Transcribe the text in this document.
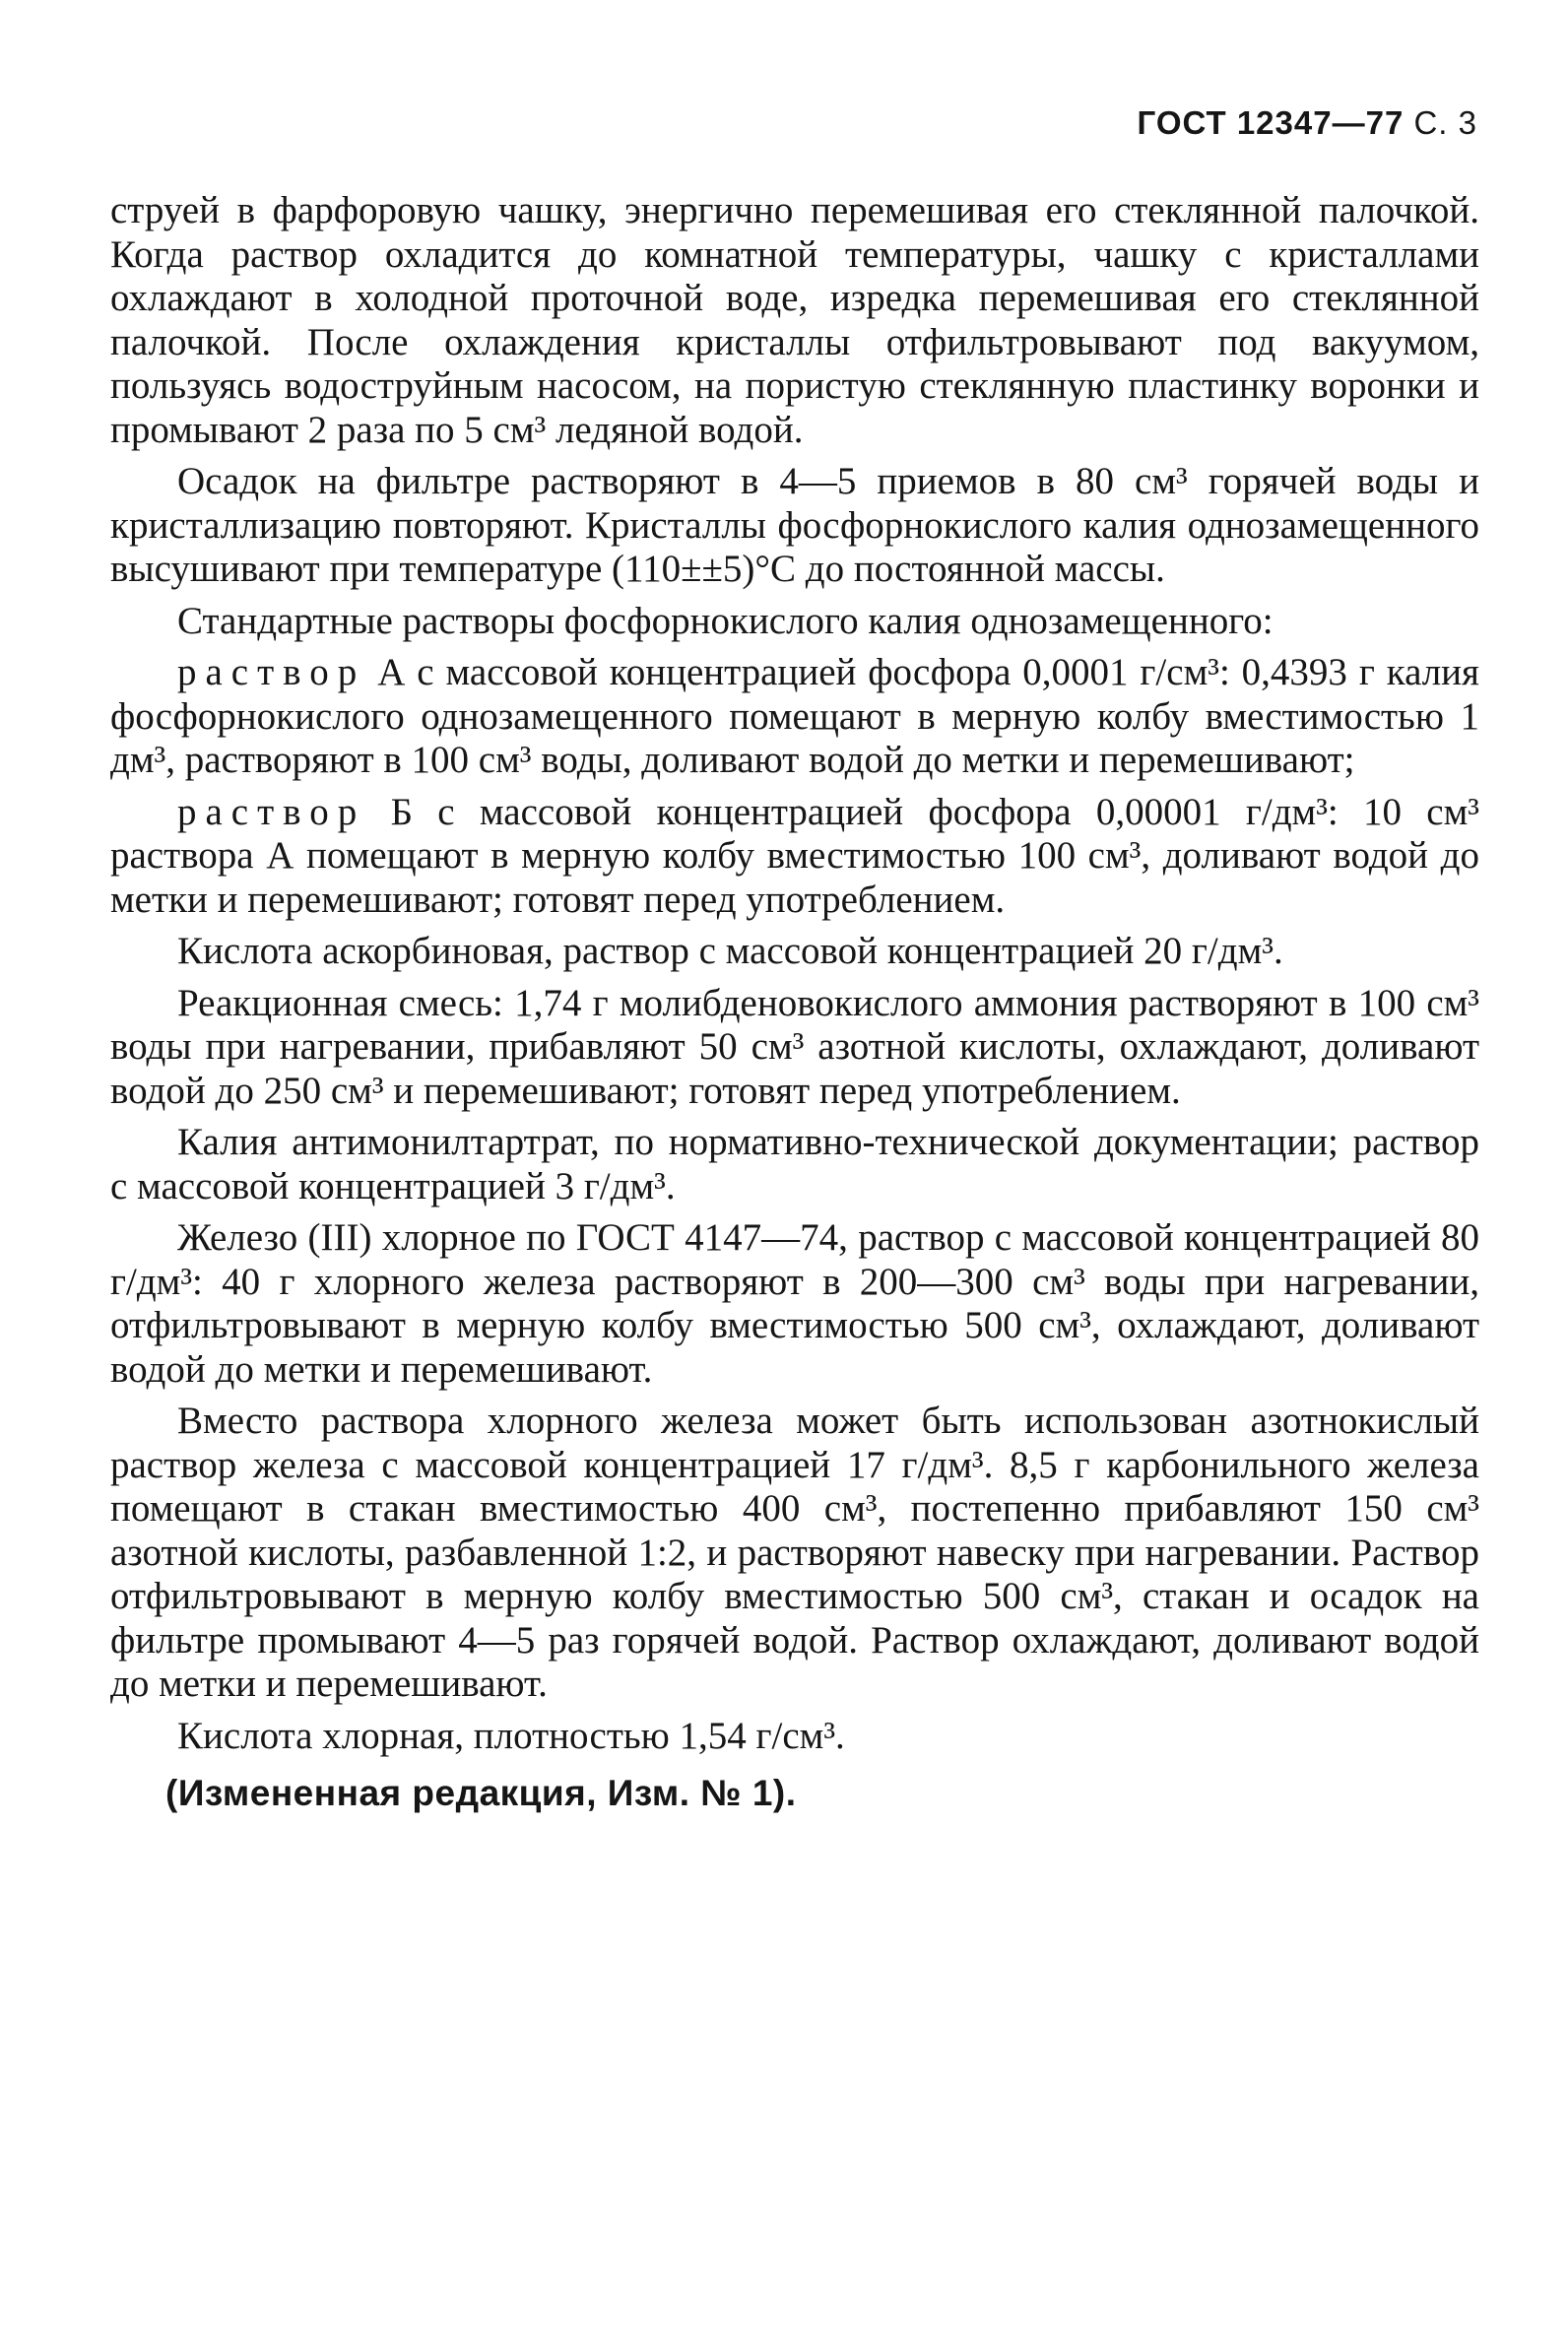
ГОСТ 12347—77 С. 3

струей в фарфоровую чашку, энергично перемешивая его стеклянной палочкой. Когда раствор охладится до комнатной температуры, чашку с кристаллами охлаждают в холодной проточной воде, изредка перемешивая его стеклянной палочкой. После охлаждения кристаллы отфильтровывают под вакуумом, пользуясь водоструйным насосом, на пористую стеклянную пластинку воронки и промывают 2 раза по 5 см³ ледяной водой.

Осадок на фильтре растворяют в 4—5 приемов в 80 см³ горячей воды и кристаллизацию повторяют. Кристаллы фосфорнокислого калия однозамещенного высушивают при температуре (110±±5)°С до постоянной массы.

Стандартные растворы фосфорнокислого калия однозамещенного:

раствор А с массовой концентрацией фосфора 0,0001 г/см³: 0,4393 г калия фосфорнокислого однозамещенного помещают в мерную колбу вместимостью 1 дм³, растворяют в 100 см³ воды, доливают водой до метки и перемешивают;

раствор Б с массовой концентрацией фосфора 0,00001 г/дм³: 10 см³ раствора А помещают в мерную колбу вместимостью 100 см³, доливают водой до метки и перемешивают; готовят перед употреблением.

Кислота аскорбиновая, раствор с массовой концентрацией 20 г/дм³.

Реакционная смесь: 1,74 г молибденовокислого аммония растворяют в 100 см³ воды при нагревании, прибавляют 50 см³ азотной кислоты, охлаждают, доливают водой до 250 см³ и перемешивают; готовят перед употреблением.

Калия антимонилтартрат, по нормативно-технической документации; раствор с массовой концентрацией 3 г/дм³.

Железо (III) хлорное по ГОСТ 4147—74, раствор с массовой концентрацией 80 г/дм³: 40 г хлорного железа растворяют в 200—300 см³ воды при нагревании, отфильтровывают в мерную колбу вместимостью 500 см³, охлаждают, доливают водой до метки и перемешивают.

Вместо раствора хлорного железа может быть использован азотнокислый раствор железа с массовой концентрацией 17 г/дм³. 8,5 г карбонильного железа помещают в стакан вместимостью 400 см³, постепенно прибавляют 150 см³ азотной кислоты, разбавленной 1:2, и растворяют навеску при нагревании. Раствор отфильтровывают в мерную колбу вместимостью 500 см³, стакан и осадок на фильтре промывают 4—5 раз горячей водой. Раствор охлаждают, доливают водой до метки и перемешивают.

Кислота хлорная, плотностью 1,54 г/см³.

(Измененная редакция, Изм. № 1).
